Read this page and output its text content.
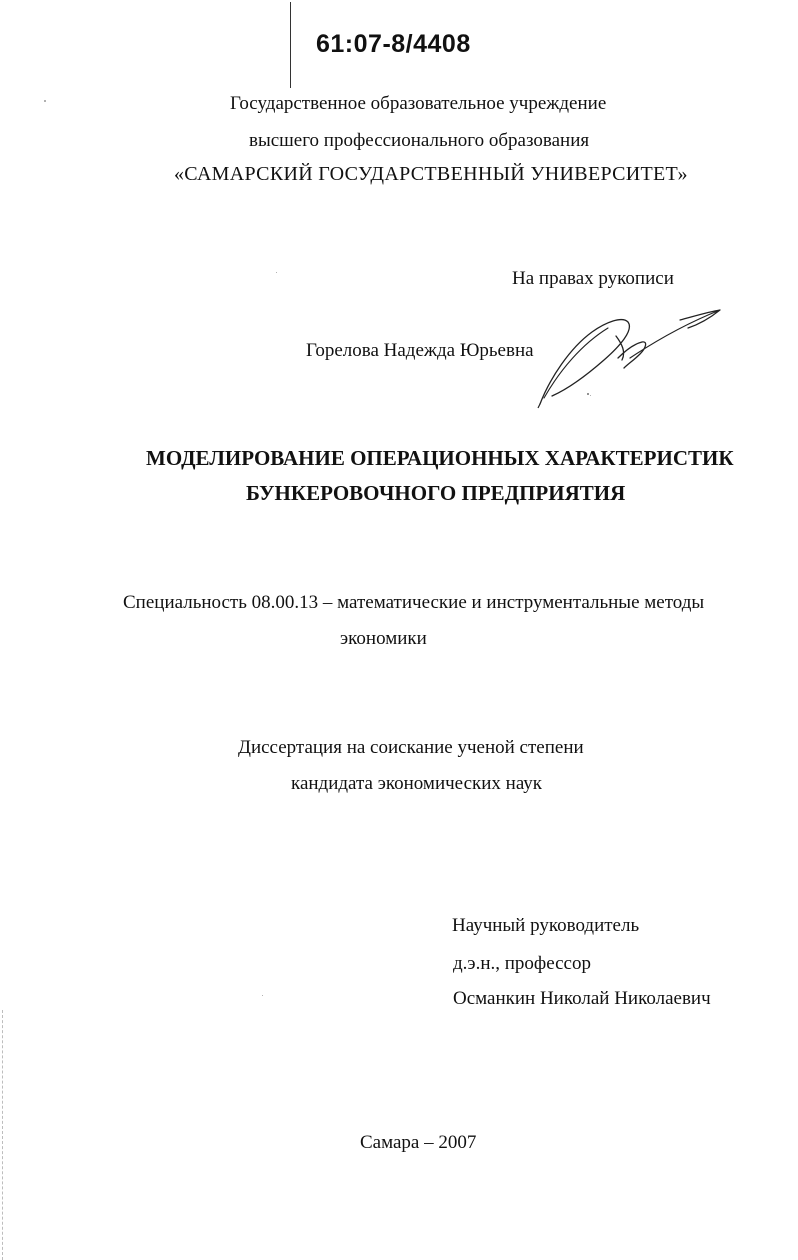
61:07-8/4408
Государственное образовательное учреждение
высшего профессионального образования
«САМАРСКИЙ ГОСУДАРСТВЕННЫЙ УНИВЕРСИТЕТ»
На правах рукописи
Горелова Надежда Юрьевна
МОДЕЛИРОВАНИЕ ОПЕРАЦИОННЫХ ХАРАКТЕРИСТИК
БУНКЕРОВОЧНОГО ПРЕДПРИЯТИЯ
Специальность 08.00.13 – математические и инструментальные методы
экономики
Диссертация на соискание ученой степени
кандидата экономических наук
Научный руководитель
д.э.н., профессор
Османкин Николай Николаевич
Самара – 2007
